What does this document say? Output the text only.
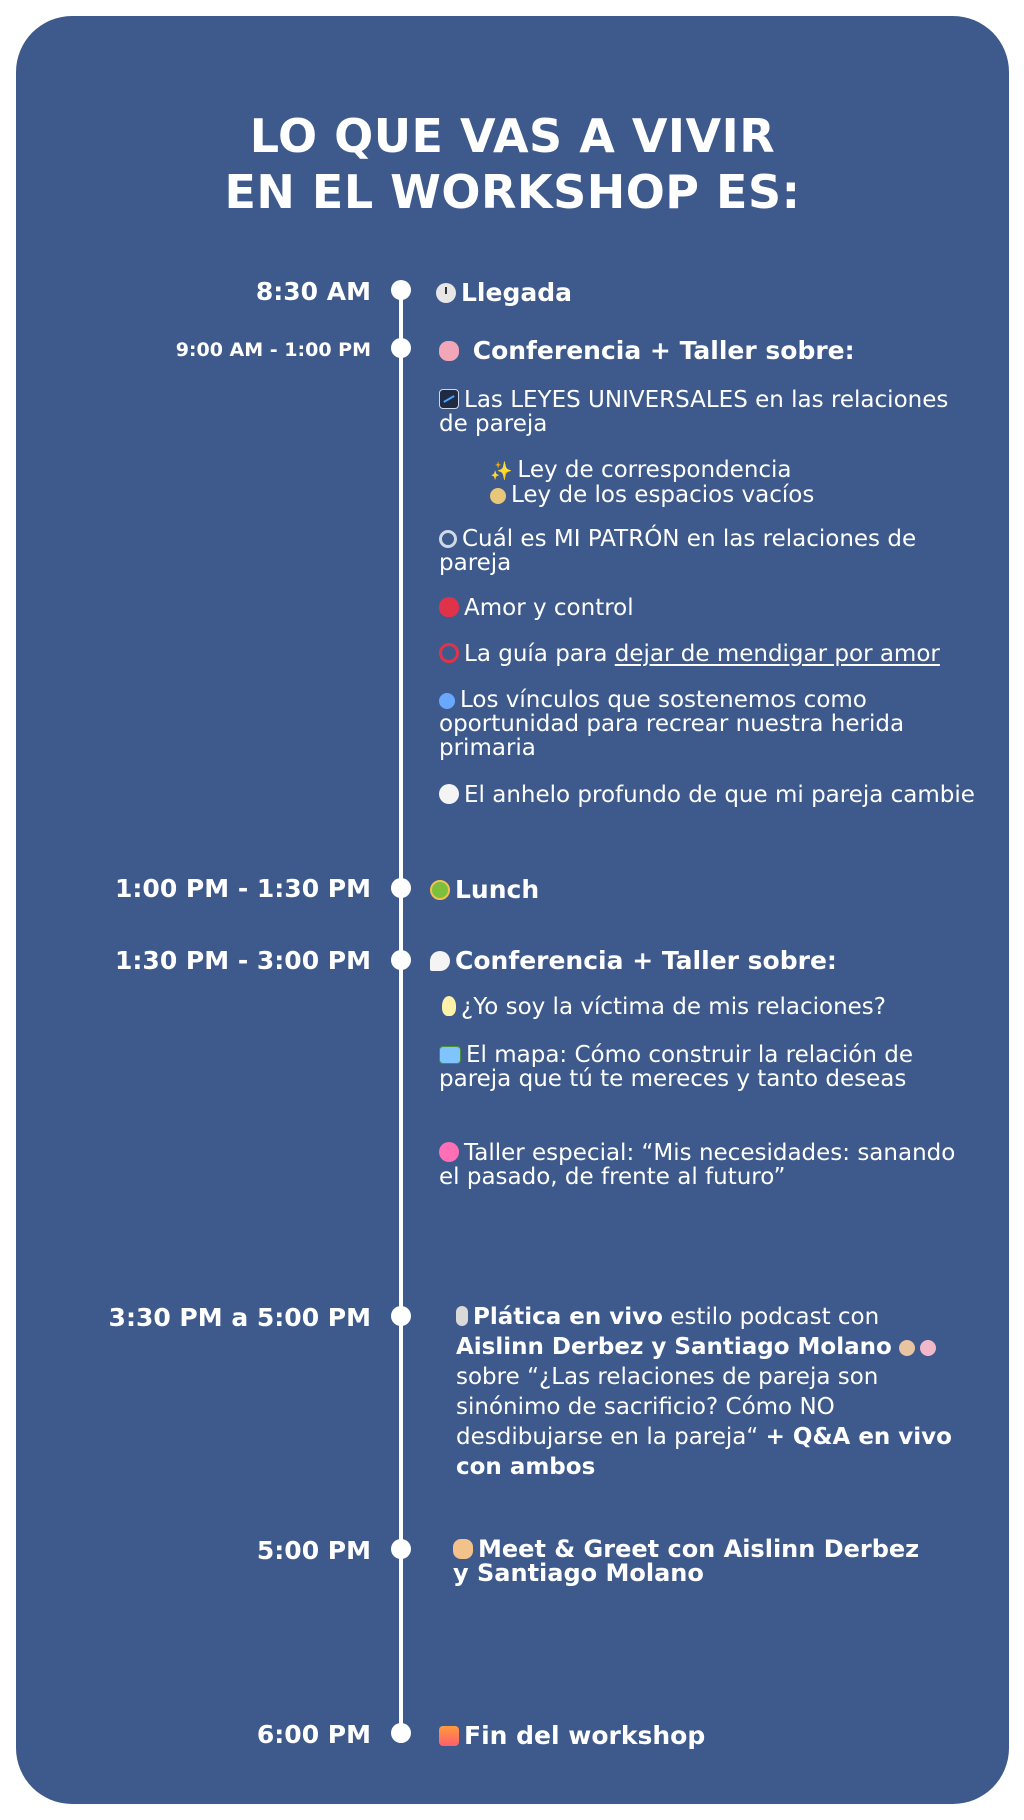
LO QUE VAS A VIVIR
EN EL WORKSHOP ES:
8:30 AM	Llegada
9:00 AM - 1:00 PM	Conferencia + Taller sobre:
Las LEYES UNIVERSALES en las relaciones de pareja
✨ Ley de correspondencia
Ley de los espacios vacíos
Cuál es MI PATRÓN en las relaciones de pareja
Amor y control
La guía para dejar de mendigar por amor
Los vínculos que sostenemos como oportunidad para recrear nuestra herida primaria
El anhelo profundo de que mi pareja cambie
1:00 PM - 1:30 PM	Lunch
1:30 PM - 3:00 PM	Conferencia + Taller sobre:
¿Yo soy la víctima de mis relaciones?
El mapa: Cómo construir la relación de pareja que tú te mereces y tanto deseas
Taller especial: “Mis necesidades: sanando el pasado, de frente al futuro”
3:30 PM a 5:00 PM	Plática en vivo estilo podcast con Aislinn Derbez y Santiago Molano  sobre “¿Las relaciones de pareja son sinónimo de sacrificio? Cómo NO desdibujarse en la pareja“ + Q&A en vivo con ambos
5:00 PM	Meet & Greet con Aislinn Derbez y Santiago Molano
6:00 PM	Fin del workshop
